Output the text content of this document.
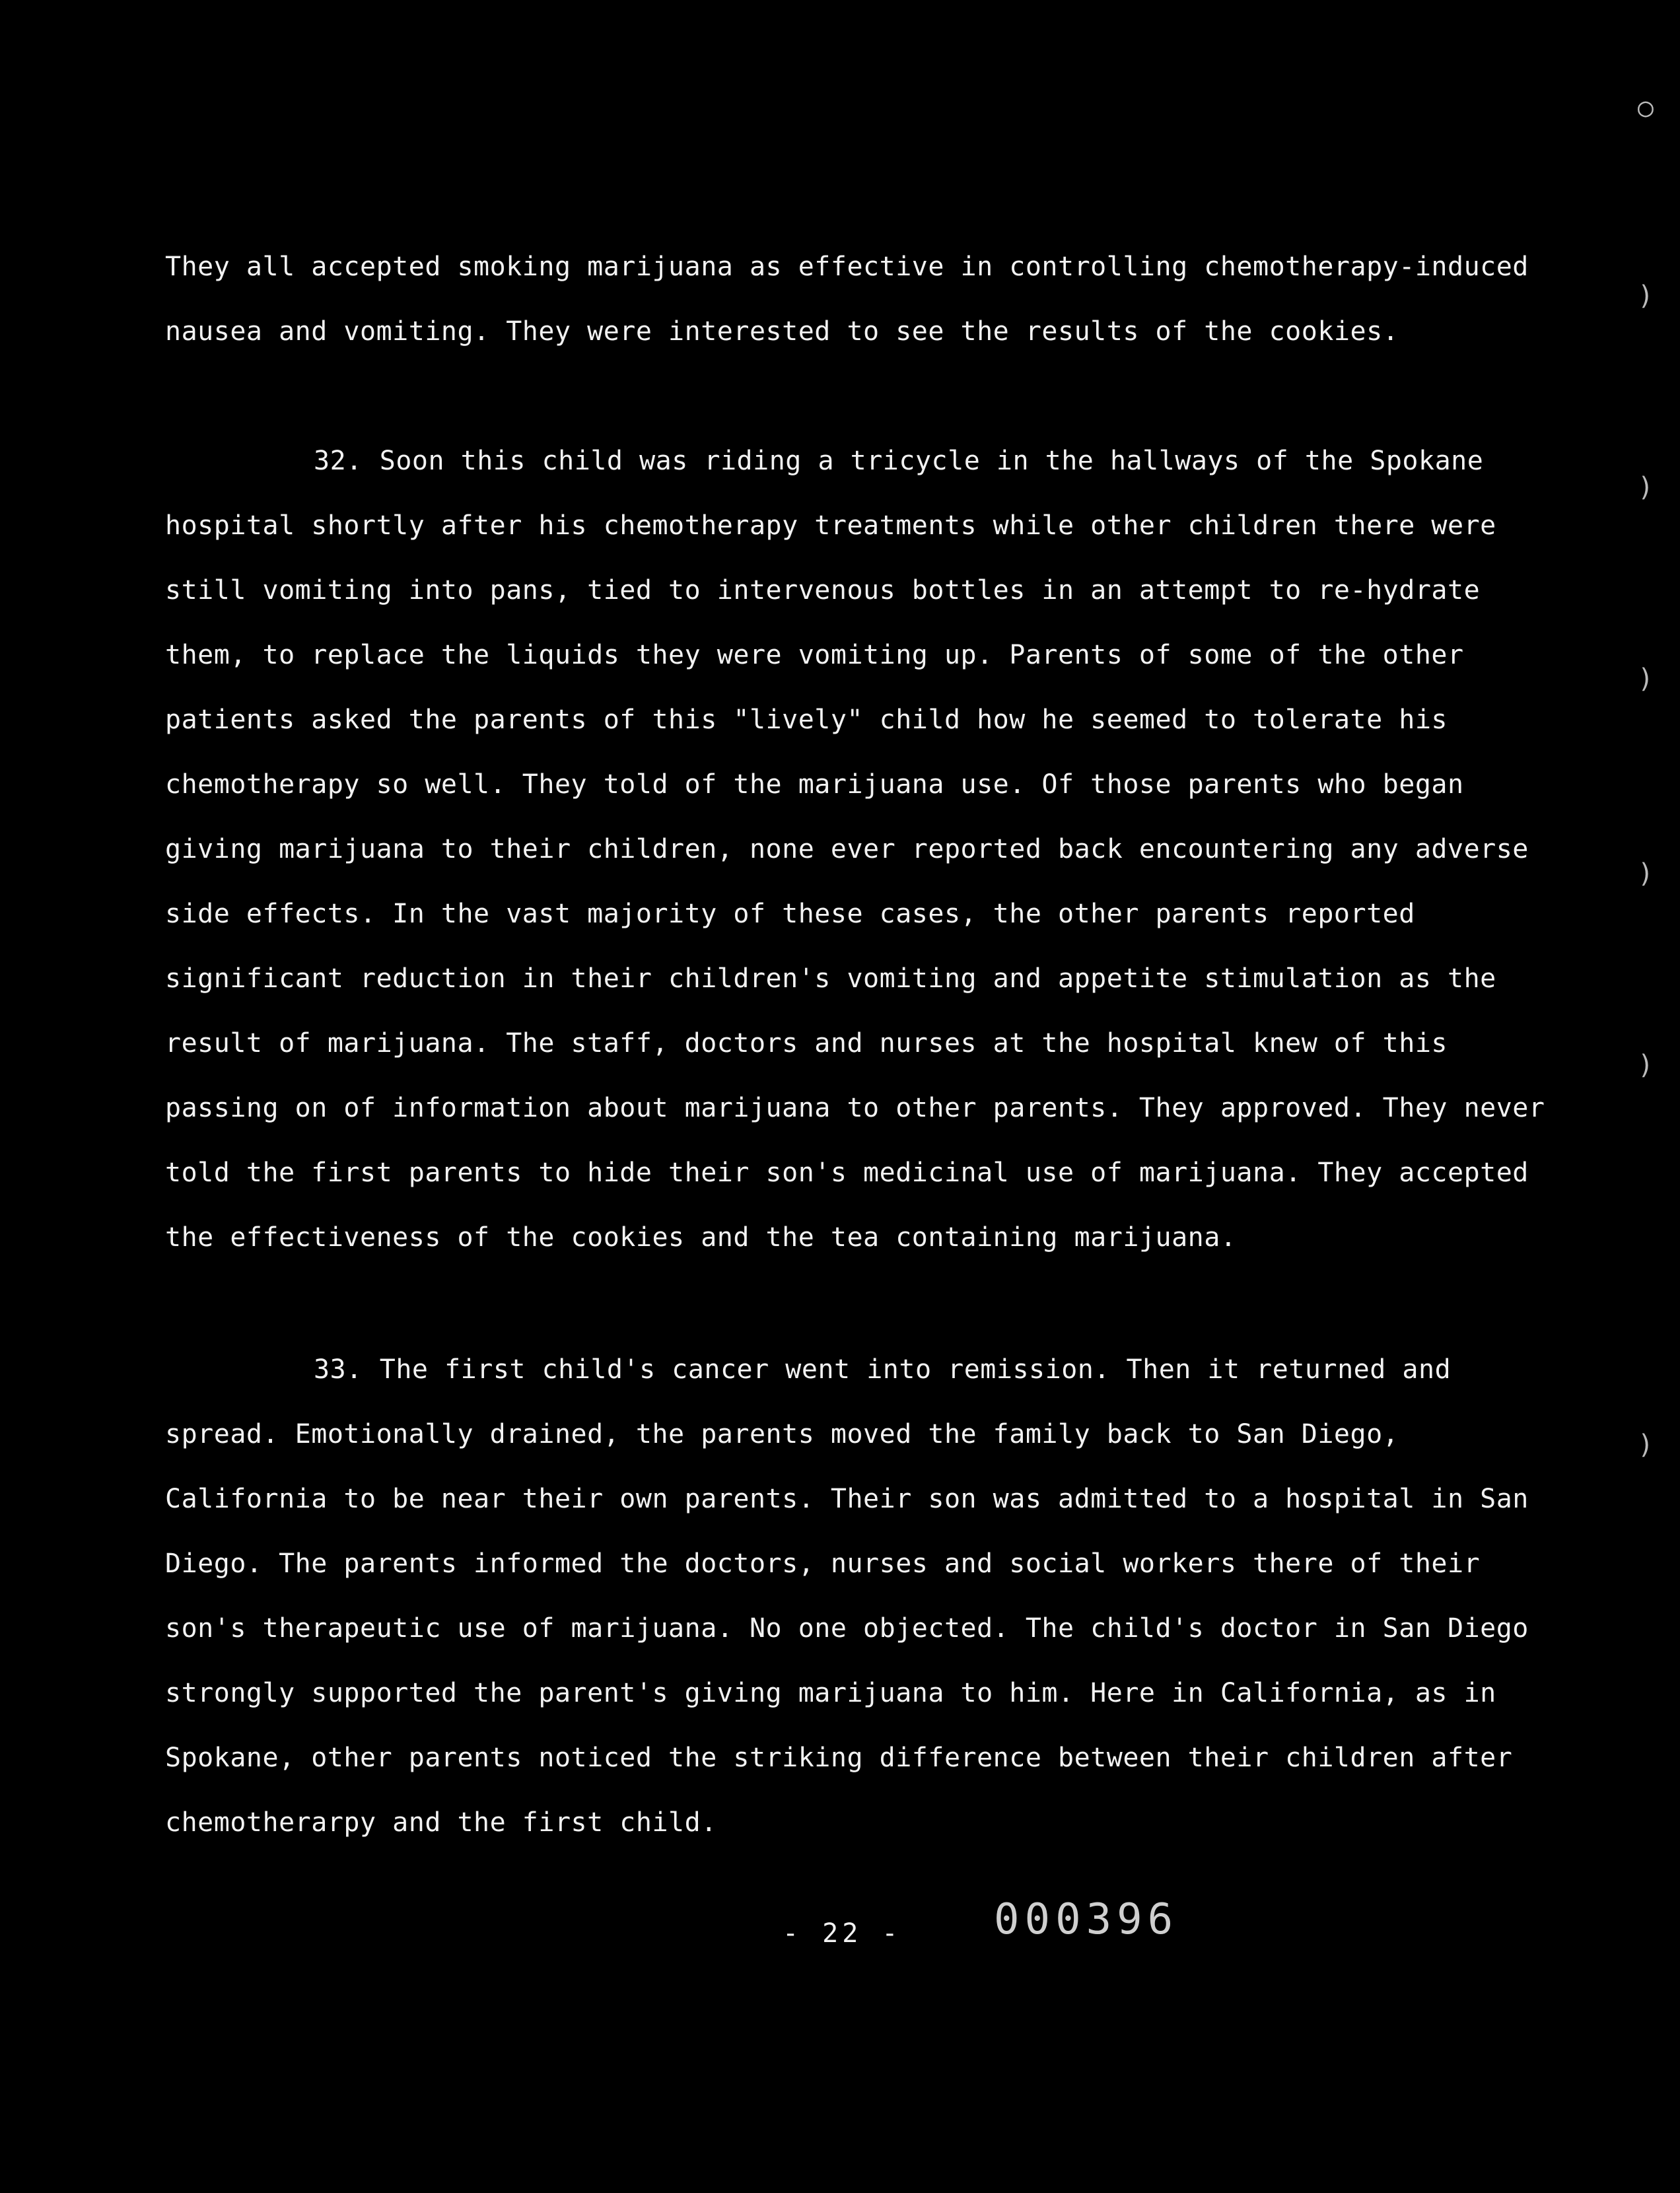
They all accepted smoking marijuana as effective in controlling chemotherapy-induced nausea and vomiting. They were interested to see the results of the cookies.

32. Soon this child was riding a tricycle in the hallways of the Spokane hospital shortly after his chemotherapy treatments while other children there were still vomiting into pans, tied to intervenous bottles in an attempt to re-hydrate them, to replace the liquids they were vomiting up. Parents of some of the other patients asked the parents of this "lively" child how he seemed to tolerate his chemotherapy so well. They told of the marijuana use. Of those parents who began giving marijuana to their children, none ever reported back encountering any adverse side effects. In the vast majority of these cases, the other parents reported significant reduction in their children's vomiting and appetite stimulation as the result of marijuana. The staff, doctors and nurses at the hospital knew of this passing on of information about marijuana to other parents. They approved. They never told the first parents to hide their son's medicinal use of marijuana. They accepted the effectiveness of the cookies and the tea containing marijuana.

33. The first child's cancer went into remission. Then it returned and spread. Emotionally drained, the parents moved the family back to San Diego, California to be near their own parents. Their son was admitted to a hospital in San Diego. The parents informed the doctors, nurses and social workers there of their son's therapeutic use of marijuana. No one objected. The child's doctor in San Diego strongly supported the parent's giving marijuana to him. Here in California, as in Spokane, other parents noticed the striking difference between their children after chemotherarpy and the first child.

- 22 - 000396
○
)
)
)
)
)
)
